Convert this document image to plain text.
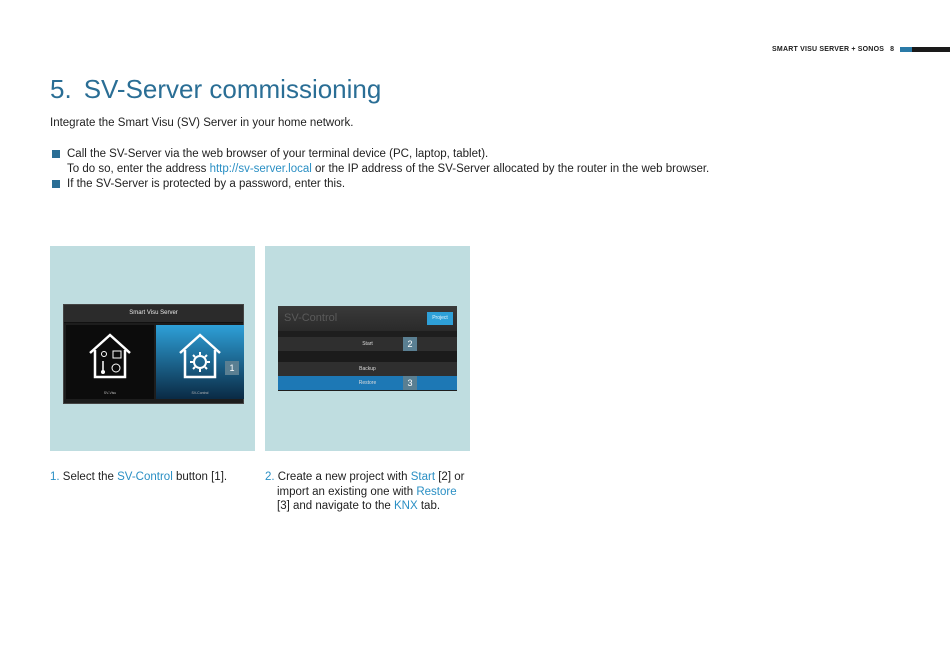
SMART VISU SERVER + SONOS 8
5. SV-Server commissioning

Integrate the Smart Visu (SV) Server in your home network.

Call the SV-Server via the web browser of your terminal device (PC, laptop, tablet).
To do so, enter the address http://sv-server.local or the IP address of the SV-Server allocated by the router in the web browser.
If the SV-Server is protected by a password, enter this.
Smart Visu Server
SV-Visu	SV-Control
1
SV-Control	Project
Start
Backup
Restore
2
3

1. Select the SV-Control button [1].	2. Create a new project with Start [2] or
import an existing one with Restore
[3] and navigate to the KNX tab.
